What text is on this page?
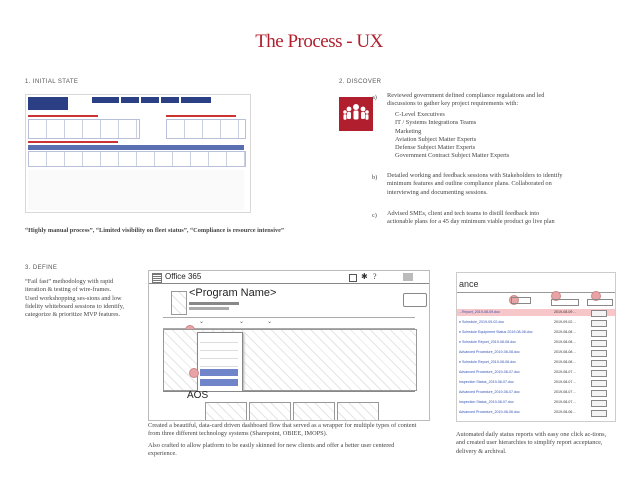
The Process - UX
1. INITIAL STATE
“Highly manual process”, “Limited visibility on fleet status”, “Compliance is resource intensive”
2. DISCOVER
a) Reviewed government defined compliance regulations and led discussions to gather key project requirements with:
C-Level Executives
IT / Systems Integrations Teams
Marketing
Aviation Subject Matter Experts
Defense Subject Matter Experts
Government Contract Subject Matter Experts
b) Detailed working and feedback sessions with Stakeholders to identify minimum features and outline compliance plans. Collaborated on interviewing and documenting sessions.
c) Advised SMEs, client and tech teams to distill feedback into actionable plans for a 45 day minimum viable product go live plan
3. DEFINE
“Fail fast” methodology with rapid iteration & testing of wire-frames. Used workshopping ses-sions and low fidelity whiteboard sessions to identify, categorize & prioritize MVP features.
Office 365	✱ ?
<Program Name>
⌄	⌄	⌄
AOS
Created a beautiful, data-card driven dashboard flow that served as a wrapper for multiple types of content from three different technology systems (Sharepoint, OBIEE, IMOPS).
Also crafted to allow platform to be easily skinned for new clients and offer a better user centered experience.
ance
...Report_2019-08-09.doc	2019-08-09 ...
e Schedule_2019-09-02.doc	2019-09-02 ...
e Schedule Equipment Status 2019-08-08.doc	2019-08-08 ...
e Schedule Report_2019-08-08.doc	2019-08-08 ...
Advanced Procedure_2019-08-08.doc	2019-08-08 ...
e Schedule Report_2019-08-08.doc	2019-08-08 ...
Advanced Procedure_2019-08-07.doc	2019-08-07 ...
Inspection Status_2019-08-07.doc	2019-08-07 ...
Advanced Procedure_2019-08-07.doc	2019-08-07 ...
Inspection Status_2019-08-07.doc	2019-08-07 ...
Advanced Procedure_2019-08-06.doc	2019-08-06 ...
Automated daily status reports with easy one click ac-tions, and created user hierarchies to simplify report acceptance, delivery & archival.
